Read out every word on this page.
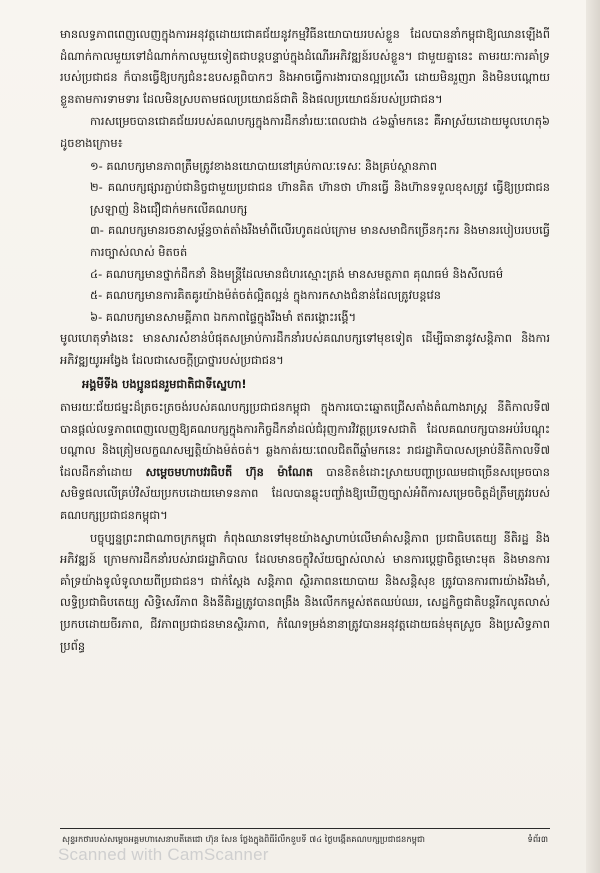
មានលទ្ធភាពពេញលេញក្នុងការអនុវត្តដោយជោគជ័យនូវកម្មវិធីនយោបាយរបស់ខ្លួន ដែលបាននាំកម្ពុជាឱ្យឈានឡើងពីដំណាក់កាលមួយទៅដំណាក់កាលមួយទៀតជាបន្តបន្ទាប់ក្នុងដំណើរអភិវឌ្ឍន៍របស់ខ្លួន។ ជាមួយគ្នានេះ តាមរយៈការគាំទ្ររបស់ប្រជាជន ក៏បានធ្វើឱ្យបក្សជំនះឧបសគ្គពិបាកៗ និងអាចធ្វើការងារបានល្អប្រសើរ ដោយមិនរួញរា និងមិនបណ្តោយខ្លួនតាមការទាមទារ ដែលមិនស្របតាមផលប្រយោជន៍ជាតិ និងផលប្រយោជន៍របស់ប្រជាជន។

ការសម្រេចបានជោគជ័យរបស់គណបក្សក្នុងការដឹកនាំរយៈពេលជាង ៤៦ឆ្នាំមកនេះ គឺអាស្រ័យដោយមូលហេតុ៦ ដូចខាងក្រោម៖

១- គណបក្សមានភាពត្រឹមត្រូវខាងនយោបាយនៅគ្រប់កាលៈទេសៈ និងគ្រប់ស្ថានភាព

២- គណបក្សផ្សារភ្ជាប់ជានិច្ចជាមួយប្រជាជន ហ៊ានគិត ហ៊ានថា ហ៊ានធ្វើ និងហ៊ានទទួលខុសត្រូវ ធ្វើឱ្យប្រជាជនស្រឡាញ់ និងជឿជាក់មកលើគណបក្ស

៣- គណបក្សមានរចនាសម្ព័ន្ធចាត់តាំងរឹងមាំពីលើរហូតដល់ក្រោម មានសមាជិកច្រើនកុះករ និងមានរបៀបរបបធ្វើការច្បាស់លាស់ មិតចត់

៤- គណបក្សមានថ្នាក់ដឹកនាំ និងមន្រ្តីដែលមានជំហរស្មោះត្រង់ មានសមត្ថភាព គុណធម៌ និងសីលធម៌

៥- គណបក្សមានការគិតគូរយ៉ាងម៉ត់ចត់ល្អិតល្អន់ ក្នុងការកសាងជំនាន់ដែលត្រូវបន្តវេន

៦- គណបក្សមានសាមគ្គីភាព ឯកភាពផ្ទៃក្នុងរឹងមាំ ឥតរង្គោះរង្គើ។

មូលហេតុទាំងនេះ មានសារសំខាន់បំផុតសម្រាប់ការដឹកនាំរបស់គណបក្សទៅមុខទៀត ដើម្បីធានានូវសន្តិភាព និងការអភិវឌ្ឍយូរអង្វែង ដែលជាសេចក្តីប្រាថ្នារបស់ប្រជាជន។

អង្គមីទីង បងប្អូនជនរួមជាតិជាទីស្នេហា!

តាមរយៈជ័យជម្នះដ៏ត្រចះត្រចង់របស់គណបក្សប្រជាជនកម្ពុជា ក្នុងការបោះឆ្នោតជ្រើសតាំងតំណាងរាស្រ្ត នីតិកាលទី៧ បានផ្តល់លទ្ធភាពពេញលេញឱ្យគណបក្សក្នុងការកិច្ចដឹកនាំដល់ជំរុញការវិវត្តប្រទេសជាតិ ដែលគណបក្សបានអប់រំបណ្តុះបណ្តាល និងត្រៀមលក្ខណសម្បត្តិយ៉ាងម៉ត់ចត់។ ឆ្លងកាត់រយៈពេលជិតពីឆ្នាំមកនេះ រាជរដ្ឋាភិបាលសម្រាប់នីតិកាលទី៧ ដែលដឹកនាំដោយ សម្តេចមហាបវរធិបតី ហ៊ុន ម៉ាណែត បានខិតខំដោះស្រាយបញ្ហាប្រឈមជាច្រើនសម្រេចបានសមិទ្ធផលលើគ្រប់វិស័យប្រកបដោយមោទនភាព ដែលបានឆ្លុះបញ្ចាំងឱ្យឃើញច្បាស់អំពីការសម្រេចចិត្តដ៏ត្រឹមត្រូវរបស់គណបក្សប្រជាជនកម្ពុជា។

បច្ចុប្បន្នព្រះរាជាណាចក្រកម្ពុជា កំពុងឈានទៅមុខយ៉ាងស្វាហាប់លើមាគ៌ាសន្តិភាព ប្រជាធិបតេយ្យ នីតិរដ្ឋ និងអភិវឌ្ឍន៍ ក្រោមការដឹកនាំរបស់រាជរដ្ឋាភិបាល ដែលមានចក្ខុវិស័យច្បាស់លាស់ មានការប្តេជ្ញាចិត្តមោះមុត និងមានការគាំទ្រយ៉ាងទូលំទូលាយពីប្រជាជន។ ជាក់ស្តែង សន្តិភាព ស្ថិរភាពនយោបាយ និងសន្តិសុខ ត្រូវបានការពារយ៉ាងរឹងមាំ, លទ្ធិប្រជាធិបតេយ្យ សិទ្ធិសេរីភាព និងនីតិរដ្ឋត្រូវបានពង្រឹង និងលើកកម្ពស់ឥតឈប់ឈរ, សេដ្ឋកិច្ចជាតិបន្តរីកលូតលាស់ប្រកបដោយចីរភាព, ជីវភាពប្រជាជនមានស្ថិរភាព, កំណែទម្រង់នានាត្រូវបានអនុវត្តដោយធន់មុតស្រួច និងប្រសិទ្ធភាព ប្រព័ន្ធ

សុន្ទរកថារបស់សម្តេចអគ្គមហាសេនាបតីតេជោ ហ៊ុន សែន ថ្លែងក្នុងពិធីរំលឹកខួបទី ៧៤ ថ្ងៃបង្កើតគណបក្សប្រជាជនកម្ពុជា	ទំព័រ៣
Scanned with CamScanner
